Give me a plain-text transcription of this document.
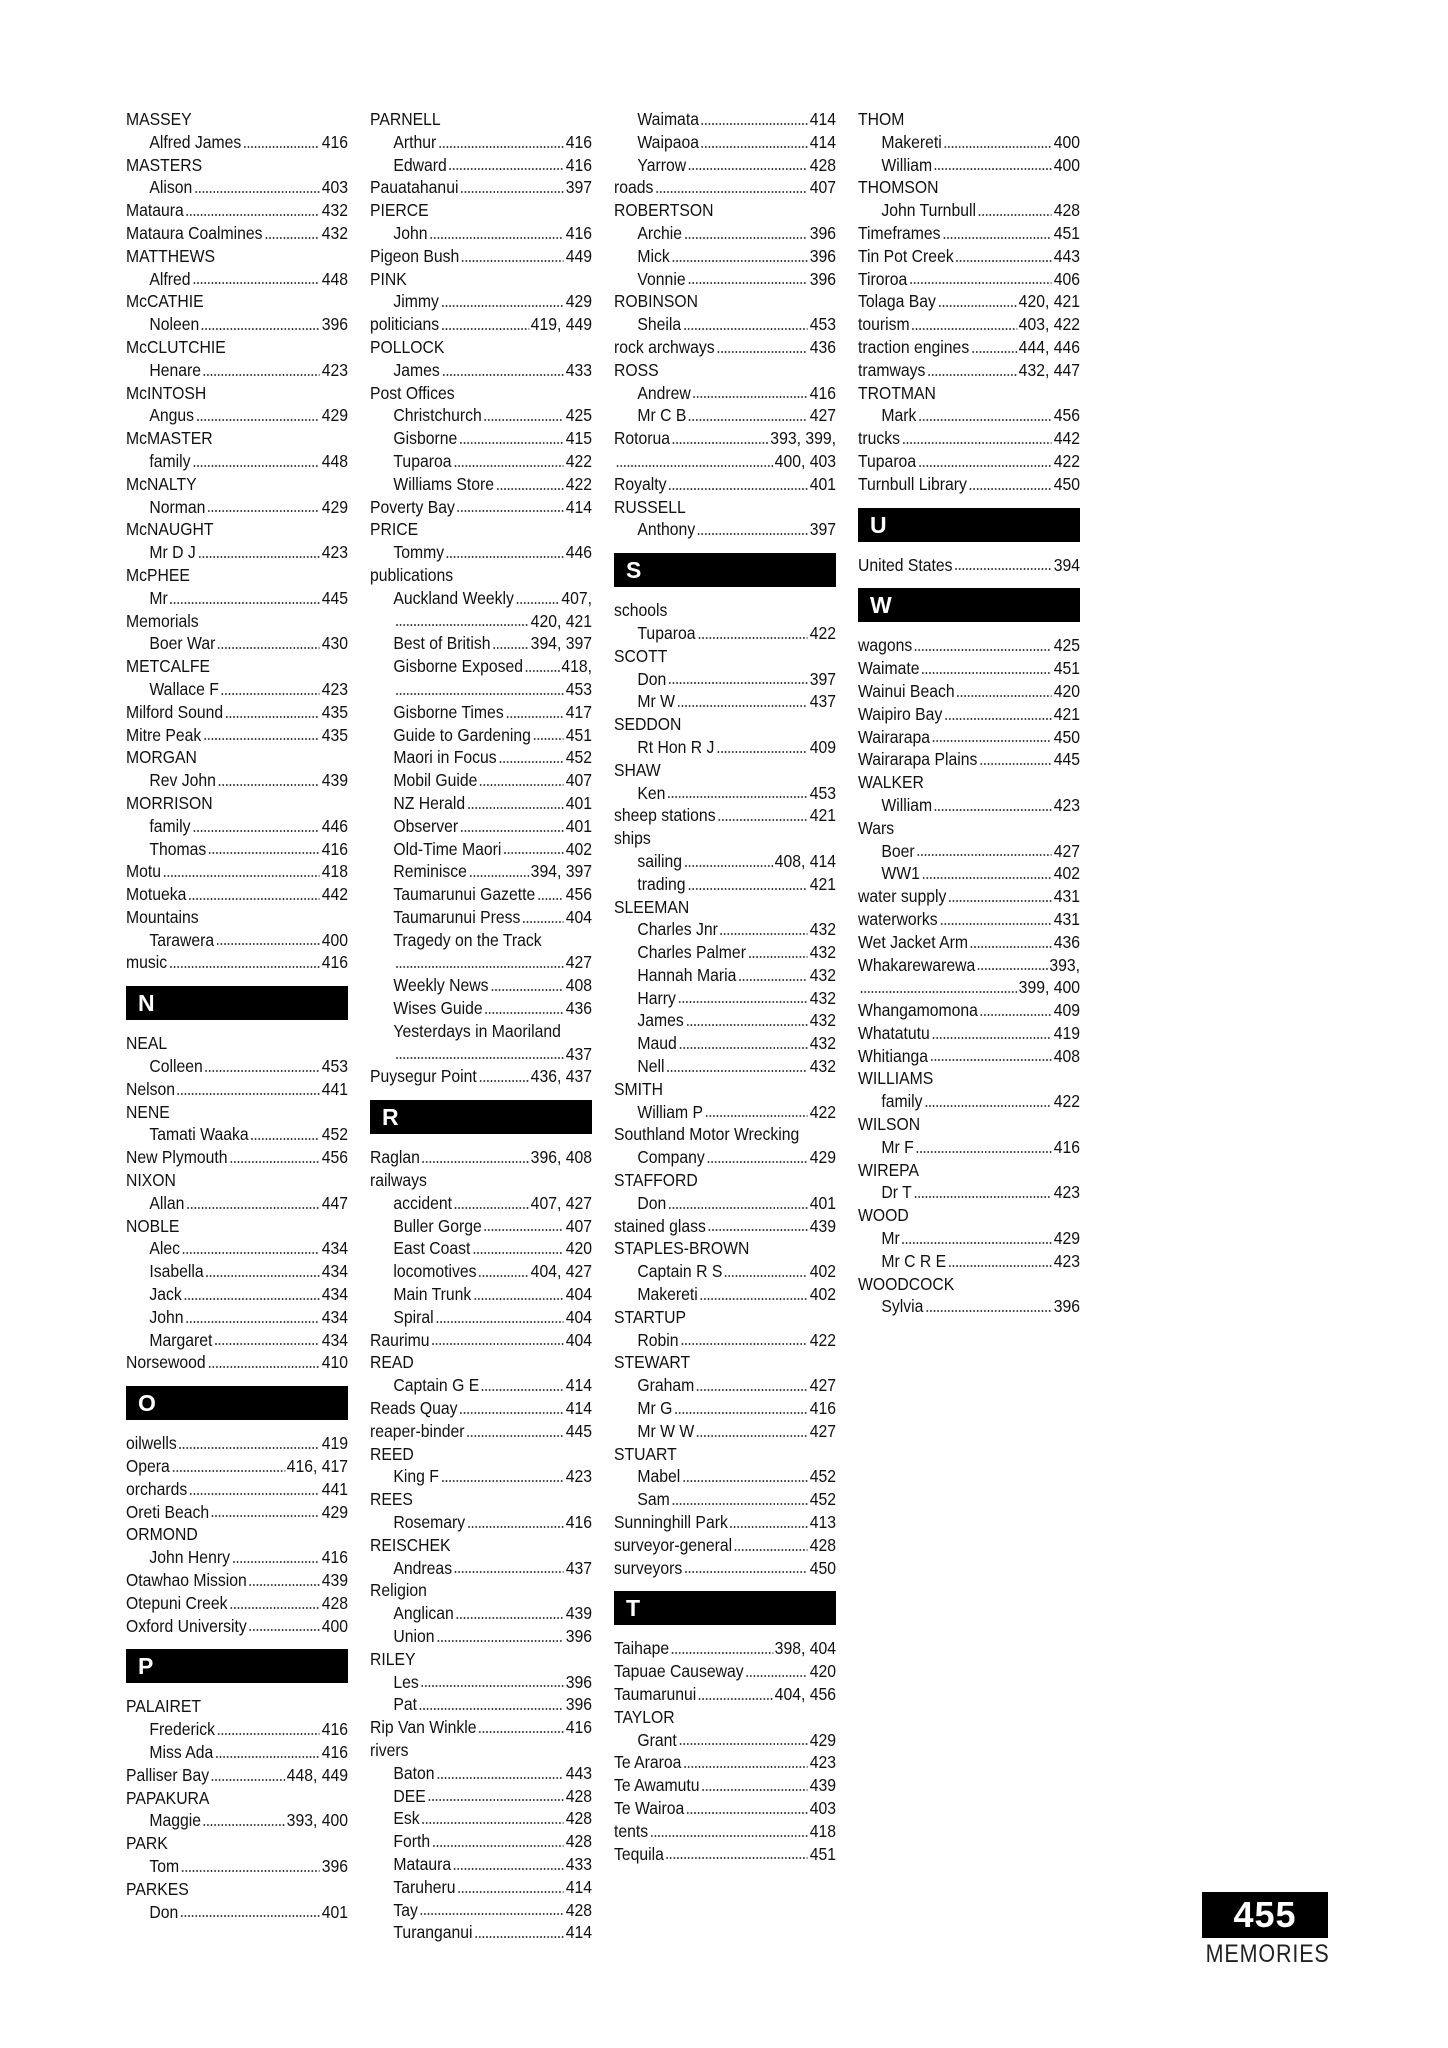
MASSEY
Alfred James	416
MASTERS
Alison	403
Mataura	432
Mataura Coalmines	432
MATTHEWS
Alfred	448
McCATHIE
Noleen	396
McCLUTCHIE
Henare	423
McINTOSH
Angus	429
McMASTER
family	448
McNALTY
Norman	429
McNAUGHT
Mr D J	423
McPHEE
Mr	445
Memorials
Boer War	430
METCALFE
Wallace F	423
Milford Sound	435
Mitre Peak	435
MORGAN
Rev John	439
MORRISON
family	446
Thomas	416
Motu	418
Motueka	442
Mountains
Tarawera	400
music	416
N
NEAL
Colleen	453
Nelson	441
NENE
Tamati Waaka	452
New Plymouth	456
NIXON
Allan	447
NOBLE
Alec	434
Isabella	434
Jack	434
John	434
Margaret	434
Norsewood	410
O
oilwells	419
Opera	416, 417
orchards	441
Oreti Beach	429
ORMOND
John Henry	416
Otawhao Mission	439
Otepuni Creek	428
Oxford University	400
P
PALAIRET
Frederick	416
Miss Ada	416
Palliser Bay	448, 449
PAPAKURA
Maggie	393, 400
PARK
Tom	396
PARKES
Don	401
PARNELL
Arthur	416
Edward	416
Pauatahanui	397
PIERCE
John	416
Pigeon Bush	449
PINK
Jimmy	429
politicians	419, 449
POLLOCK
James	433
Post Offices
Christchurch	425
Gisborne	415
Tuparoa	422
Williams Store	422
Poverty Bay	414
PRICE
Tommy	446
publications
Auckland Weekly	407,
420, 421
Best of British 394, 397
Gisborne Exposed 418,
453
Gisborne Times	417
Guide to Gardening 451
Maori in Focus	452
Mobil Guide	407
NZ Herald	401
Observer	401
Old-Time Maori	402
Reminisce	394, 397
Taumarunui Gazette 456
Taumarunui Press	404
Tragedy on the Track
427
Weekly News	408
Wises Guide	436
Yesterdays in Maoriland
437
Puysegur Point	436, 437
R
Raglan	396, 408
railways
accident	407, 427
Buller Gorge	407
East Coast	420
locomotives	404, 427
Main Trunk	404
Spiral	404
Raurimu	404
READ
Captain G E	414
Reads Quay	414
reaper-binder	445
REED
King F	423
REES
Rosemary	416
REISCHEK
Andreas	437
Religion
Anglican	439
Union	396
RILEY
Les	396
Pat	396
Rip Van Winkle	416
rivers
Baton	443
DEE	428
Esk	428
Forth	428
Mataura	433
Taruheru	414
Tay	428
Turanganui	414
Waimata	414
Waipaoa	414
Yarrow	428
roads	407
ROBERTSON
Archie	396
Mick	396
Vonnie	396
ROBINSON
Sheila	453
rock archways	436
ROSS
Andrew	416
Mr C B	427
Rotorua	393, 399,
400, 403
Royalty	401
RUSSELL
Anthony	397
S
schools
Tuparoa	422
SCOTT
Don	397
Mr W	437
SEDDON
Rt Hon R J	409
SHAW
Ken	453
sheep stations	421
ships
sailing	408, 414
trading	421
SLEEMAN
Charles Jnr	432
Charles Palmer	432
Hannah Maria	432
Harry	432
James	432
Maud	432
Nell	432
SMITH
William P	422
Southland Motor Wrecking
Company	429
STAFFORD
Don	401
stained glass	439
STAPLES-BROWN
Captain R S	402
Makereti	402
STARTUP
Robin	422
STEWART
Graham	427
Mr G	416
Mr W W	427
STUART
Mabel	452
Sam	452
Sunninghill Park	413
surveyor-general	428
surveyors	450
T
Taihape	398, 404
Tapuae Causeway	420
Taumarunui	404, 456
TAYLOR
Grant	429
Te Araroa	423
Te Awamutu	439
Te Wairoa	403
tents	418
Tequila	451
THOM
Makereti	400
William	400
THOMSON
John Turnbull	428
Timeframes	451
Tin Pot Creek	443
Tiroroa	406
Tolaga Bay	420, 421
tourism	403, 422
traction engines	444, 446
tramways	432, 447
TROTMAN
Mark	456
trucks	442
Tuparoa	422
Turnbull Library	450
U
United States	394
W
wagons	425
Waimate	451
Wainui Beach	420
Waipiro Bay	421
Wairarapa	450
Wairarapa Plains	445
WALKER
William	423
Wars
Boer	427
WW1	402
water supply	431
waterworks	431
Wet Jacket Arm	436
Whakarewarewa	393,
399, 400
Whangamomona	409
Whatatutu	419
Whitianga	408
WILLIAMS
family	422
WILSON
Mr F	416
WIREPA
Dr T	423
WOOD
Mr	429
Mr C R E	423
WOODCOCK
Sylvia	396
455
MEMORIES
